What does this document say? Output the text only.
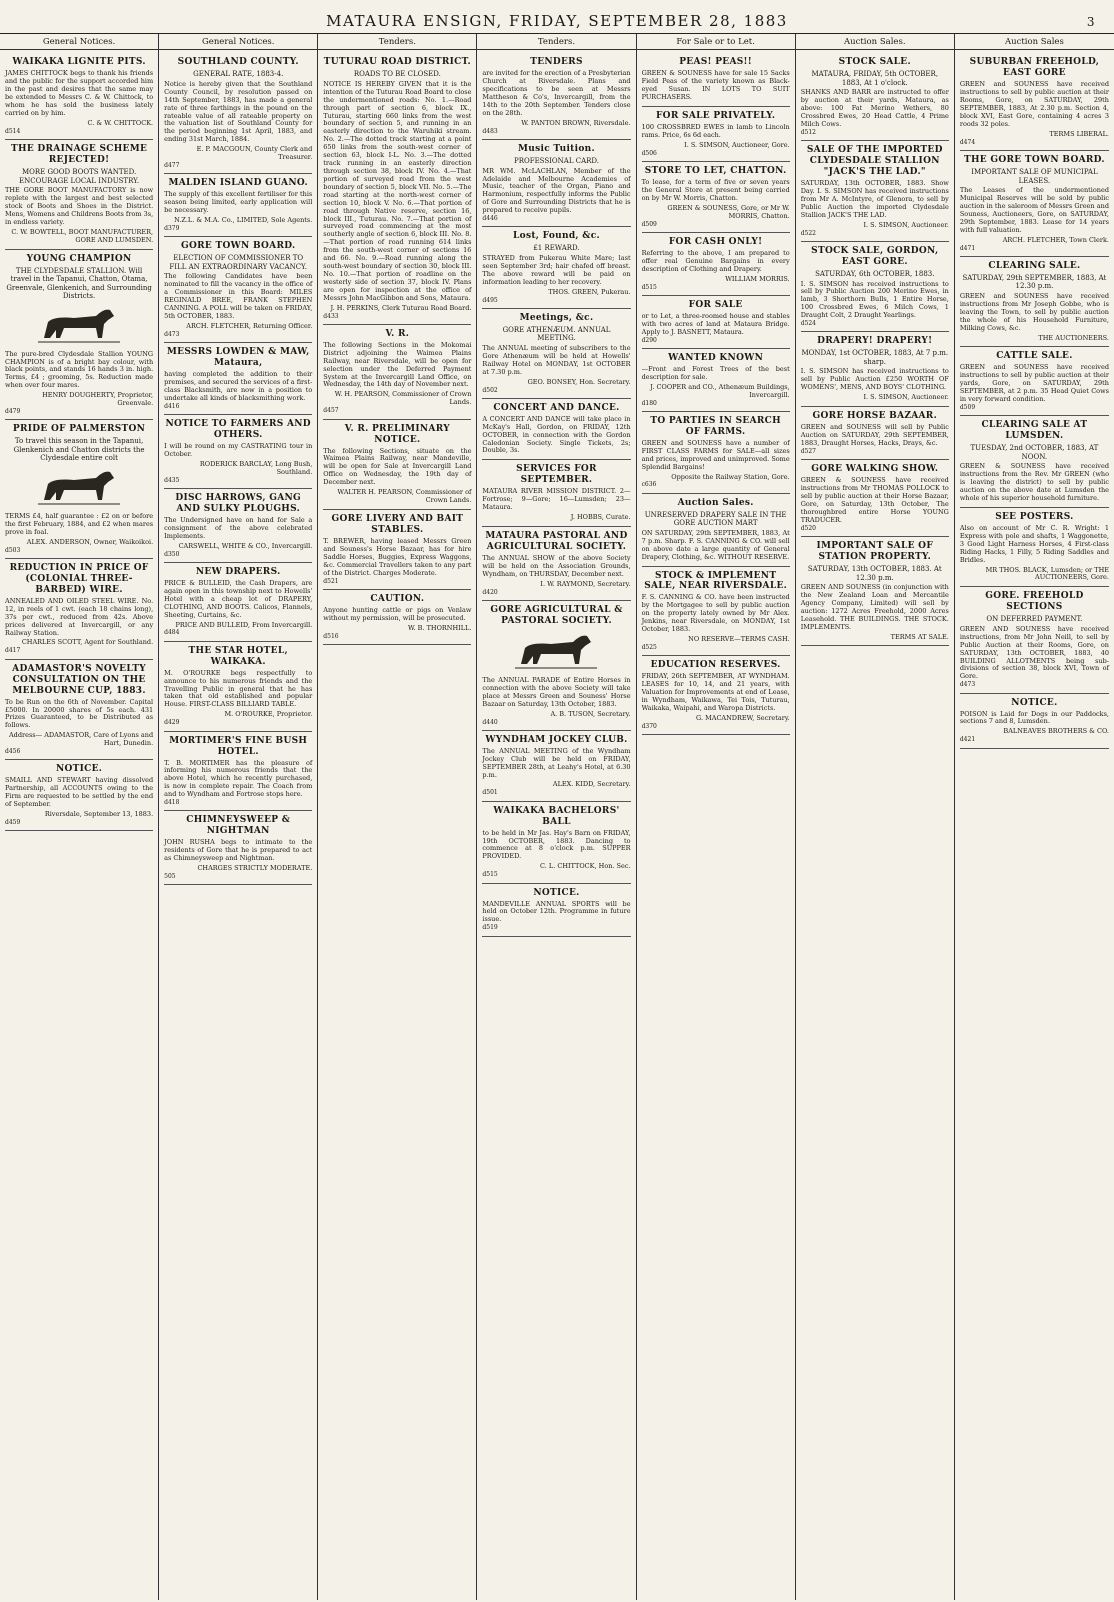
MATAURA ENSIGN, FRIDAY, SEPTEMBER 28, 1883	3
General Notices.
WAIKAKA LIGNITE PITS.
JAMES CHITTOCK begs to thank his friends and the public for the support accorded him in the past and desires that the same may be extended to Messrs C. & W. Chittock, to whom he has sold the business lately carried on by him.
C. & W. CHITTOCK.
d514
THE DRAINAGE SCHEME REJECTED!
MORE GOOD BOOTS WANTED. ENCOURAGE LOCAL INDUSTRY.
THE GORE BOOT MANUFACTORY is now replete with the largest and best selected stock of Boots and Shoes in the District. Mens, Womens and Childrens Boots from 3s, in endless variety.
C. W. BOWTELL, BOOT MANUFACTURER, GORE AND LUMSDEN.
YOUNG CHAMPION
THE CLYDESDALE STALLION. Will travel in the Tapanui, Chatton, Otama, Greenvale, Glenkenich, and Surrounding Districts.
The pure-bred Clydesdale Stallion YOUNG CHAMPION is of a bright bay colour, with black points, and stands 16 hands 3 in. high. Terms, £4 ; grooming, 5s. Reduction made when over four mares.
HENRY DOUGHERTY, Proprietor, Greenvale.
d479
PRIDE OF PALMERSTON
To travel this season in the Tapanui, Glenkenich and Chatton districts the Clydesdale entire colt
TERMS £4, half guarantee : £2 on or before the first February, 1884, and £2 when mares prove in foal.
ALEX. ANDERSON, Owner, Waikoikoi.
d503
REDUCTION IN PRICE OF (COLONIAL THREE-BARBED) WIRE.
ANNEALED AND OILED STEEL WIRE. No. 12, in reels of 1 cwt. (each 18 chains long), 37s per cwt., reduced from 42s. Above prices delivered at Invercargill, or any Railway Station.
CHARLES SCOTT, Agent for Southland.
d417
ADAMASTOR'S NOVELTY CONSULTATION ON THE MELBOURNE CUP, 1883.
To be Run on the 6th of November. Capital £5000. In 20000 shares of 5s each. 431 Prizes Guaranteed, to be Distributed as follows.
Address— ADAMASTOR, Care of Lyons and Hart, Dunedin.
d456
NOTICE.
SMAILL AND STEWART having dissolved Partnership, all ACCOUNTS owing to the Firm are requested to be settled by the end of September.
Riversdale, September 13, 1883.
d459
General Notices.
SOUTHLAND COUNTY.
GENERAL RATE, 1883-4.
Notice is hereby given that the Southland County Council, by resolution passed on 14th September, 1883, has made a general rate of three farthings in the pound on the rateable value of all rateable property on the valuation list of Southland County for the period beginning 1st April, 1883, and ending 31st March, 1884.
E. P. MACGOUN, County Clerk and Treasurer.
d477
MALDEN ISLAND GUANO.
The supply of this excellent fertiliser for this season being limited, early application will be necessary.
N.Z.L. & M.A. Co., LIMITED, Sole Agents.
d379
GORE TOWN BOARD.
ELECTION OF COMMISSIONER TO FILL AN EXTRAORDINARY VACANCY.
The following Candidates have been nominated to fill the vacancy in the office of a Commissioner in this Board: MILES REGINALD BREE, FRANK STEPHEN CANNING. A POLL will be taken on FRIDAY, 5th OCTOBER, 1883.
ARCH. FLETCHER, Returning Officer.
d473
MESSRS LOWDEN & MAW, Mataura,
having completed the addition to their premises, and secured the services of a first-class Blacksmith, are now in a position to undertake all kinds of blacksmithing work.
d416
NOTICE TO FARMERS AND OTHERS.
I will be round on my CASTRATING tour in October.
RODERICK BARCLAY, Long Bush, Southland.
d435
DISC HARROWS, GANG AND SULKY PLOUGHS.
The Undersigned have on hand for Sale a consignment of the above celebrated Implements.
CARSWELL, WHITE & CO., Invercargill.
d350
NEW DRAPERS.
PRICE & BULLEID, the Cash Drapers, are again open in this township next to Howells' Hotel with a cheap lot of DRAPERY, CLOTHING, AND BOOTS. Calicos, Flannels, Sheeting, Curtains, &c.
PRICE AND BULLEID, From Invercargill.
d484
THE STAR HOTEL, WAIKAKA.
M. O'ROURKE begs respectfully to announce to his numerous friends and the Travelling Public in general that he has taken that old established and popular House. FIRST-CLASS BILLIARD TABLE.
M. O'ROURKE, Proprietor.
d429
MORTIMER'S FINE BUSH HOTEL.
T. B. MORTIMER has the pleasure of informing his numerous friends that the above Hotel, which he recently purchased, is now in complete repair. The Coach from and to Wyndham and Fortrose stops here.
d418
CHIMNEYSWEEP & NIGHTMAN
JOHN RUSHA begs to intimate to the residents of Gore that he is prepared to act as Chimneysweep and Nightman.
CHARGES STRICTLY MODERATE.
505
Tenders.
TUTURAU ROAD DISTRICT.
ROADS TO BE CLOSED.
NOTICE IS HEREBY GIVEN that it is the intention of the Tuturau Road Board to close the undermentioned roads: No. 1.—Road through part of section 6, block IX., Tuturau, starting 660 links from the west boundary of section 5, and running in an easterly direction to the Waruhiki stream. No. 2.—The dotted track starting at a point 650 links from the south-west corner of section 63, block I-L. No. 3.—The dotted track running in an easterly direction through section 38, block IV. No. 4.—That portion of surveyed road from the west boundary of section 5, block VII. No. 5.—The road starting at the north-west corner of section 10, block V. No. 6.—That portion of road through Native reserve, section 16, block III., Tuturau. No. 7.—That portion of surveyed road commencing at the most southerly angle of section 6, block III. No. 8.—That portion of road running 614 links from the south-west corner of sections 16 and 66. No. 9.—Road running along the south-west boundary of section 30, block III. No. 10.—That portion of roadline on the westerly side of section 37, block IV. Plans are open for inspection at the office of Messrs John MacGibbon and Sons, Mataura.
J. H. PERKINS, Clerk Tuturau Road Board.
d433
V. R.
The following Sections in the Mokomai District adjoining the Waimea Plains Railway, near Riversdale, will be open for selection under the Deferred Payment System at the Invercargill Land Office, on Wednesday, the 14th day of November next.
W. H. PEARSON, Commissioner of Crown Lands.
d457
V. R. PRELIMINARY NOTICE.
The following Sections, situate on the Waimea Plains Railway, near Mandeville, will be open for Sale at Invercargill Land Office on Wednesday, the 19th day of December next.
WALTER H. PEARSON, Commissioner of Crown Lands.
GORE LIVERY AND BAIT STABLES.
T. BREWER, having leased Messrs Green and Souness's Horse Bazaar, has for hire Saddle Horses, Buggies, Express Waggons, &c. Commercial Travellers taken to any part of the District. Charges Moderate.
d521
CAUTION.
Anyone hunting cattle or pigs on Venlaw without my permission, will be prosecuted.
W. B. THORNHILL.
d516
Tenders.
TENDERS
are invited for the erection of a Presbyterian Church at Riversdale. Plans and specifications to be seen at Messrs Mattheson & Co's, Invercargill, from the 14th to the 20th September. Tenders close on the 28th.
W. PANTON BROWN, Riversdale.
d483
Music Tuition.
PROFESSIONAL CARD.
MR WM. McLACHLAN, Member of the Adelaide and Melbourne Academies of Music, teacher of the Organ, Piano and Harmonium, respectfully informs the Public of Gore and Surrounding Districts that he is prepared to receive pupils.
d446
Lost, Found, &c.
£1 REWARD.
STRAYED from Pukerau White Mare; last seen September 3rd; hair chafed off breast. The above reward will be paid on information leading to her recovery.
THOS. GREEN, Pukerau.
d495
Meetings, &c.
GORE ATHENÆUM. ANNUAL MEETING.
The ANNUAL meeting of subscribers to the Gore Athenæum will be held at Howells' Railway Hotel on MONDAY, 1st OCTOBER at 7.30 p.m.
GEO. BONSEY, Hon. Secretary.
d502
CONCERT AND DANCE.
A CONCERT AND DANCE will take place in McKay's Hall, Gordon, on FRIDAY, 12th OCTOBER, in connection with the Gordon Caledonian Society. Single Tickets, 2s; Double, 3s.
SERVICES FOR SEPTEMBER.
MATAURA RIVER MISSION DISTRICT. 2—Fortrose; 9—Gore; 16—Lumsden; 23—Mataura.
J. HOBBS, Curate.
MATAURA PASTORAL AND AGRICULTURAL SOCIETY.
The ANNUAL SHOW of the above Society will be held on the Association Grounds, Wyndham, on THURSDAY, December next.
I. W. RAYMOND, Secretary.
d420
GORE AGRICULTURAL & PASTORAL SOCIETY.
The ANNUAL PARADE of Entire Horses in connection with the above Society will take place at Messrs Green and Souness' Horse Bazaar on Saturday, 13th October, 1883.
A. B. TUSON, Secretary.
d440
WYNDHAM JOCKEY CLUB.
The ANNUAL MEETING of the Wyndham Jockey Club will be held on FRIDAY, SEPTEMBER 28th, at Leahy's Hotel, at 6.30 p.m.
ALEX. KIDD, Secretary.
d501
WAIKAKA BACHELORS' BALL
to be held in Mr Jas. Hay's Barn on FRIDAY, 19th OCTOBER, 1883. Dancing to commence at 8 o'clock p.m. SUPPER PROVIDED.
C. L. CHITTOCK, Hon. Sec.
d515
NOTICE.
MANDEVILLE ANNUAL SPORTS will be held on October 12th. Programme in future issue.
d519
For Sale or to Let.
PEAS! PEAS!!
GREEN & SOUNESS have for sale 15 Sacks Field Peas of the variety known as Black-eyed Susan. IN LOTS TO SUIT PURCHASERS.
FOR SALE PRIVATELY.
100 CROSSBRED EWES in lamb to Lincoln rams. Price, 6s 6d each.
I. S. SIMSON, Auctioneer, Gore.
d506
STORE TO LET, CHATTON.
To lease, for a term of five or seven years the General Store at present being carried on by Mr W. Morris, Chatton.
GREEN & SOUNESS, Gore, or Mr W. MORRIS, Chatton.
d509
FOR CASH ONLY!
Referring to the above, I am prepared to offer real Genuine Bargains in every description of Clothing and Drapery.
WILLIAM MORRIS.
d515
FOR SALE
or to Let, a three-roomed house and stables with two acres of land at Mataura Bridge. Apply to J. BASNETT, Mataura.
d290
WANTED KNOWN
—Front and Forest Trees of the best description for sale.
J. COOPER and CO., Athenæum Buildings, Invercargill.
d180
TO PARTIES IN SEARCH OF FARMS.
GREEN and SOUNESS have a number of FIRST CLASS FARMS for SALE—all sizes and prices, improved and unimproved. Some Splendid Bargains!
Opposite the Railway Station, Gore.
c636
Auction Sales.
UNRESERVED DRAPERY SALE IN THE GORE AUCTION MART
ON SATURDAY, 29th SEPTEMBER, 1883, At 7 p.m. Sharp. F. S. CANNING & CO. will sell on above date a large quantity of General Drapery, Clothing, &c. WITHOUT RESERVE.
STOCK & IMPLEMENT SALE, NEAR RIVERSDALE.
F. S. CANNING & CO. have been instructed by the Mortgagee to sell by public auction on the property lately owned by Mr Alex. Jenkins, near Riversdale, on MONDAY, 1st October, 1883.
NO RESERVE—TERMS CASH.
d525
EDUCATION RESERVES.
FRIDAY, 26th SEPTEMBER, AT WYNDHAM. LEASES for 10, 14, and 21 years, with Valuation for Improvements at end of Lease, in Wyndham, Waikawa, Tei Tois, Tuturau, Waikaka, Waipahi, and Waropa Districts.
G. MACANDREW, Secretary.
d370
Auction Sales.
STOCK SALE.
MATAURA, FRIDAY, 5th OCTOBER, 1883, At 1 o'clock.
SHANKS AND BARR are instructed to offer by auction at their yards, Mataura, as above: 100 Fat Merino Wethers, 80 Crossbred Ewes, 20 Head Cattle, 4 Prime Milch Cows.
d512
SALE OF THE IMPORTED CLYDESDALE STALLION "JACK'S THE LAD."
SATURDAY, 13th OCTOBER, 1883. Show Day. I. S. SIMSON has received instructions from Mr A. McIntyre, of Glenora, to sell by Public Auction the imported Clydesdale Stallion JACK'S THE LAD.
I. S. SIMSON, Auctioneer.
d522
STOCK SALE, GORDON, EAST GORE.
SATURDAY, 6th OCTOBER, 1883.
I. S. SIMSON has received instructions to sell by Public Auction 200 Merino Ewes, in lamb, 3 Shorthorn Bulls, 1 Entire Horse, 100 Crossbred Ewes, 6 Milch Cows, 1 Draught Colt, 2 Draught Yearlings.
d524
DRAPERY! DRAPERY!
MONDAY, 1st OCTOBER, 1883, At 7 p.m. sharp.
I. S. SIMSON has received instructions to sell by Public Auction £250 WORTH OF WOMENS', MENS, AND BOYS' CLOTHING.
I. S. SIMSON, Auctioneer.
GORE HORSE BAZAAR.
GREEN and SOUNESS will sell by Public Auction on SATURDAY, 29th SEPTEMBER, 1883, Draught Horses, Hacks, Drays, &c.
d527
GORE WALKING SHOW.
GREEN & SOUNESS have received instructions from Mr THOMAS POLLOCK to sell by public auction at their Horse Bazaar, Gore, on Saturday, 13th October, The thoroughbred entire Horse YOUNG TRADUCER.
d520
IMPORTANT SALE OF STATION PROPERTY.
SATURDAY, 13th OCTOBER, 1883. At 12.30 p.m.
GREEN AND SOUNESS (in conjunction with the New Zealand Loan and Mercantile Agency Company, Limited) will sell by auction: 1272 Acres Freehold, 2000 Acres Leasehold. THE BUILDINGS. THE STOCK. IMPLEMENTS.
TERMS AT SALE.
Auction Sales
SUBURBAN FREEHOLD, EAST GORE
GREEN and SOUNESS have received instructions to sell by public auction at their Rooms, Gore, on SATURDAY, 29th SEPTEMBER, 1883, At 2.30 p.m. Section 4, block XVI, East Gore, containing 4 acres 3 roods 32 poles.
TERMS LIBERAL.
d474
THE GORE TOWN BOARD.
IMPORTANT SALE OF MUNICIPAL LEASES.
The Leases of the undermentioned Municipal Reserves will be sold by public auction in the saleroom of Messrs Green and Souness, Auctioneers, Gore, on SATURDAY, 29th September, 1883. Lease for 14 years with full valuation.
ARCH. FLETCHER, Town Clerk.
d471
CLEARING SALE.
SATURDAY, 29th SEPTEMBER, 1883, At 12.30 p.m.
GREEN and SOUNESS have received instructions from Mr Joseph Gobbe, who is leaving the Town, to sell by public auction the whole of his Household Furniture, Milking Cows, &c.
THE AUCTIONEERS.
CATTLE SALE.
GREEN and SOUNESS have received instructions to sell by public auction at their yards, Gore, on SATURDAY, 29th SEPTEMBER, at 2 p.m. 35 Head Quiet Cows in very forward condition.
d509
CLEARING SALE AT LUMSDEN.
TUESDAY, 2nd OCTOBER, 1883, AT NOON.
GREEN & SOUNESS have received instructions from the Rev. Mr GREEN (who is leaving the district) to sell by public auction on the above date at Lumsden the whole of his superior household furniture.
SEE POSTERS.
Also on account of Mr C. R. Wright: 1 Express with pole and shafts, 1 Waggonette, 3 Good Light Harness Horses, 4 First-class Riding Hacks, 1 Filly, 5 Riding Saddles and Bridles.
MR THOS. BLACK, Lumsden; or THE AUCTIONEERS, Gore.
GORE. FREEHOLD SECTIONS
ON DEFERRED PAYMENT.
GREEN AND SOUNESS have received instructions, from Mr John Neill, to sell by Public Auction at their Rooms, Gore, on SATURDAY, 13th OCTOBER, 1883, 40 BUILDING ALLOTMENTS being sub-divisions of section 38, block XVI, Town of Gore.
d473
NOTICE.
POISON is Laid for Dogs in our Paddocks, sections 7 and 8, Lumsden.
BALNEAVES BROTHERS & CO.
d421
